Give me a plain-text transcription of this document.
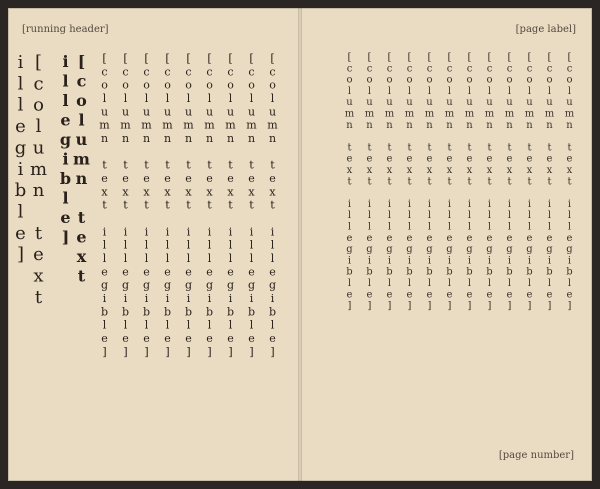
[running header]
[column text illegible]
[column text illegible]
[column text illegible]
[column text illegible]
[column text illegible]
[column text illegible]
[column text illegible]
[column text illegible]
[column text illegible]
[column text illegible]
[column text illegible]
[page label]
[column text illegible]
[column text illegible]
[column text illegible]
[column text illegible]
[column text illegible]
[column text illegible]
[column text illegible]
[column text illegible]
[column text illegible]
[column text illegible]
[column text illegible]
[column text illegible]
[page number]
